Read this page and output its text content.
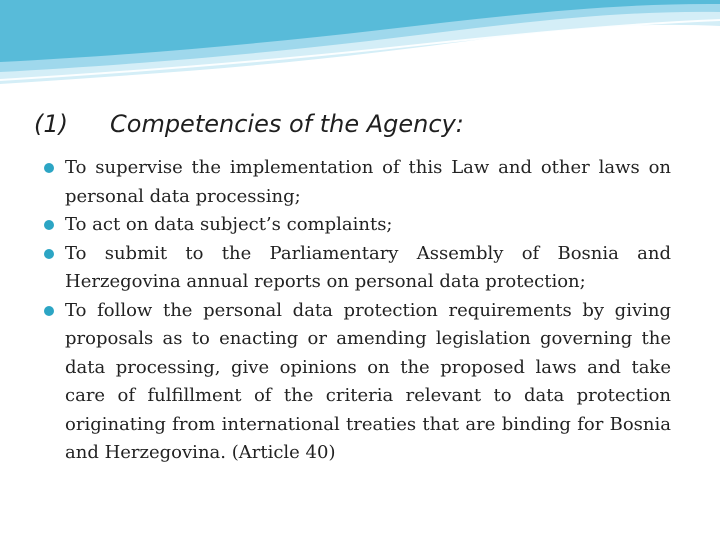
(1) Competencies of the Agency:
To supervise the implementation of this Law and other laws on personal data processing;
To act on data subject’s complaints;
To submit to the Parliamentary Assembly of Bosnia and Herzegovina annual reports on personal data protection;
To follow the personal data protection requirements by giving proposals as to enacting or amending legislation governing the data processing, give opinions on the proposed laws and take care of fulfillment of the criteria relevant to data protection originating from international treaties that are binding for Bosnia and Herzegovina. (Article 40)
